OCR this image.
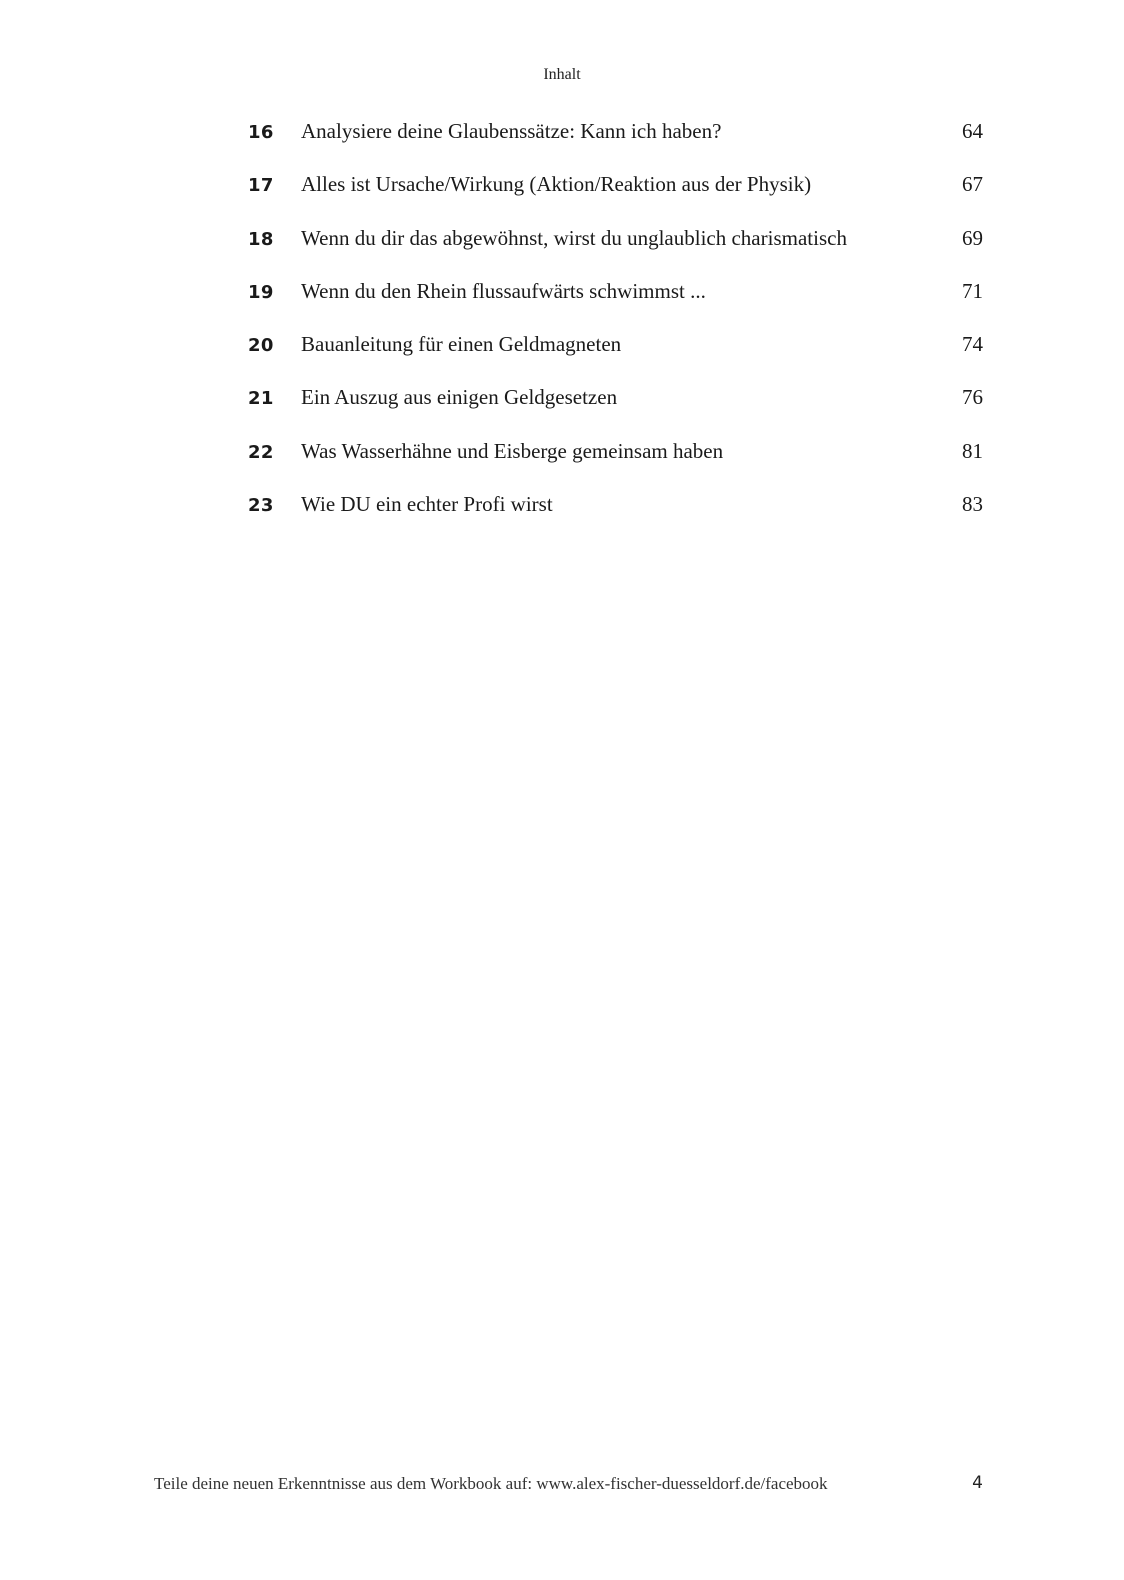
Inhalt
16 Analysiere deine Glaubenssätze: Kann ich haben?	64
17 Alles ist Ursache/Wirkung (Aktion/Reaktion aus der Physik)	67
18 Wenn du dir das abgewöhnst, wirst du unglaublich charismatisch	69
19 Wenn du den Rhein flussaufwärts schwimmst ...	71
20 Bauanleitung für einen Geldmagneten	74
21 Ein Auszug aus einigen Geldgesetzen	76
22 Was Wasserhähne und Eisberge gemeinsam haben	81
23 Wie DU ein echter Profi wirst	83
Teile deine neuen Erkenntnisse aus dem Workbook auf: www.alex-fischer-duesseldorf.de/facebook	4
